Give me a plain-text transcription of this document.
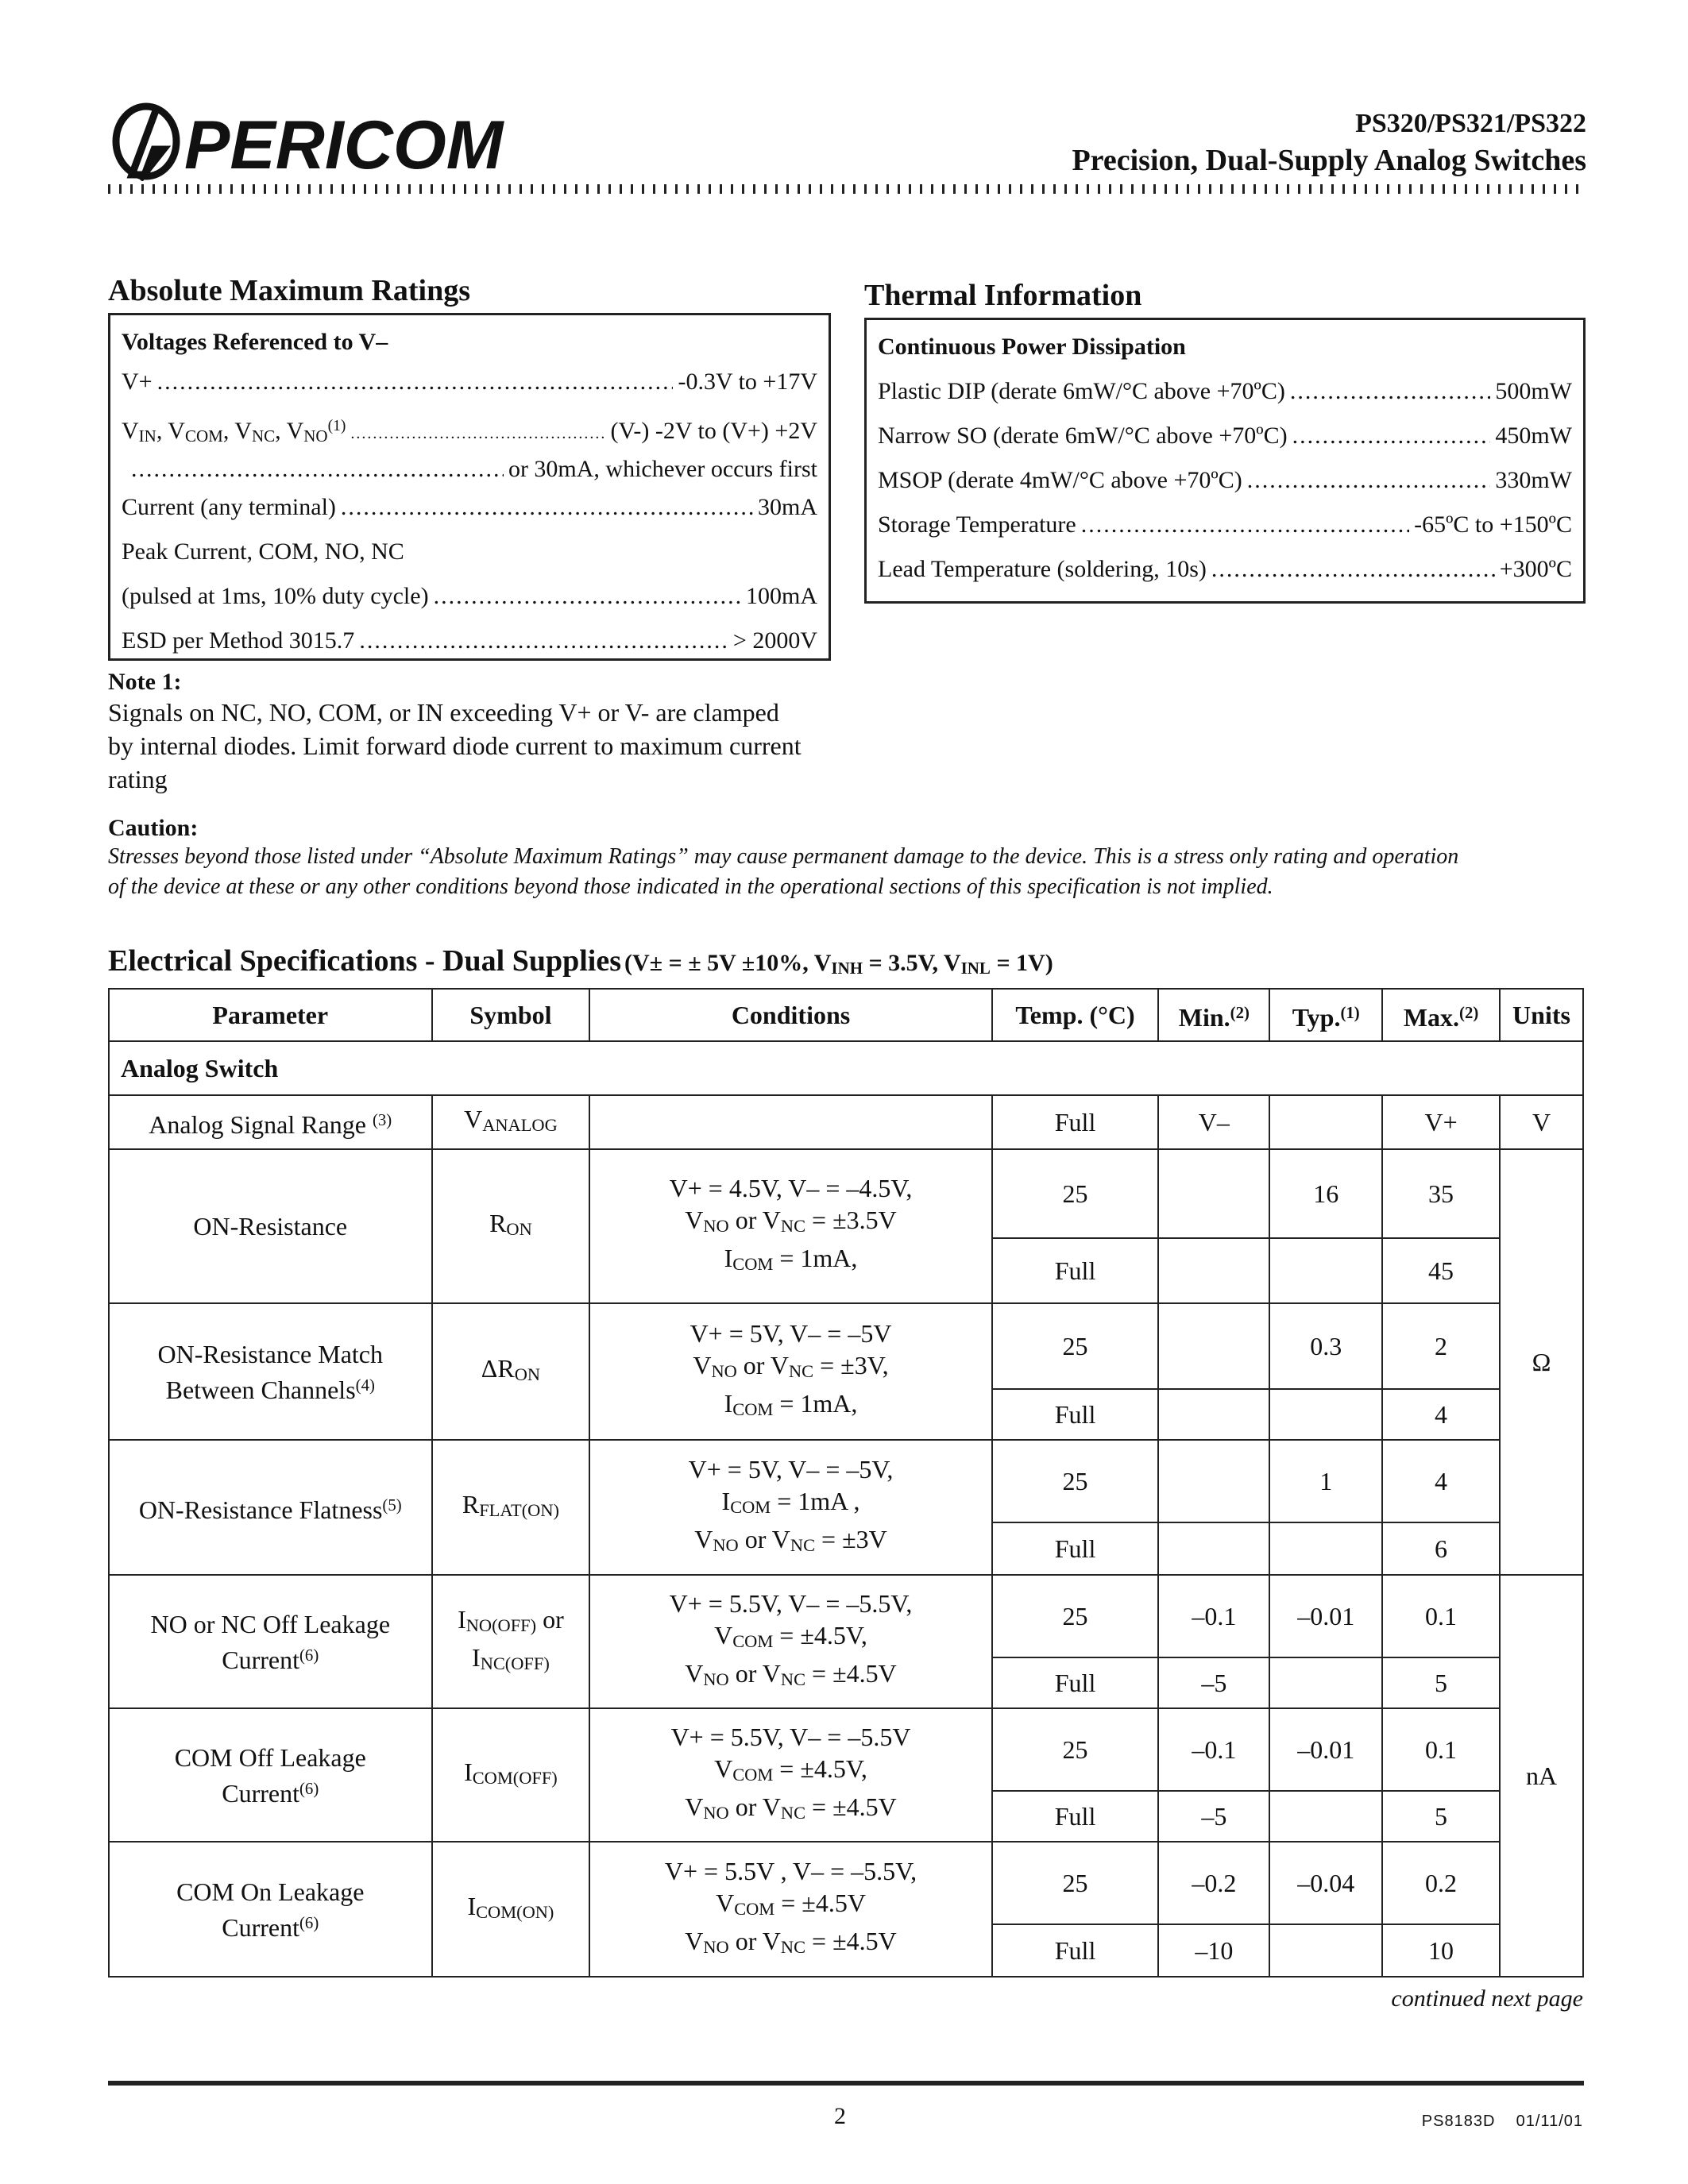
PERICOM	PS320/PS321/PS322
Precision, Dual-Supply Analog Switches
Absolute Maximum Ratings
Voltages Referenced to V–
V+ .....	-0.3V to +17V
$V_{IN}$, $V_{COM}$, $V_{NC}$, $V_{NO}^{(1)}$ .....	(V-) -2V to (V+) +2V
.....
or 30mA, whichever occurs first
Current (any terminal) .....	30mA
Peak Current, COM, NO, NC
(pulsed at 1ms, 10% duty cycle) .....	100mA
ESD per Method 3015.7 .....	> 2000V
Thermal Information
Continuous Power Dissipation
Plastic DIP (derate 6mW/°C above +70ºC) .....	500mW
Narrow SO (derate 6mW/°C above +70ºC) .....	450mW
MSOP (derate 4mW/°C above +70ºC) .....	330mW
Storage Temperature .....	-65ºC to +150ºC
Lead Temperature (soldering, 10s) .....	+300ºC
Note 1:
Signals on NC, NO, COM, or IN exceeding V+ or V- are clamped
by internal diodes. Limit forward diode current to maximum current
rating
Caution:
Stresses beyond those listed under “Absolute Maximum Ratings” may cause permanent damage to the device. This is a stress only rating and operation
of the device at these or any other conditions beyond those indicated in the operational sections of this specification is not implied.
Electrical Specifications - Dual Supplies (V± = ± 5V ±10%, $V_{INH} = 3.5V$, $V_{INL} = 1V$)
Parameter	Symbol	Conditions	Temp. (°C)	Min.$^{(2)}$	Typ.$^{(1)}$	Max.$^{(2)}$	Units
Analog Switch							
Analog Signal Range $^{(3)}$	$V_{ANALOG}$		Full	V–		V+	V
ON-Resistance	$R_{ON}$	V+ = 4.5V, V– = –4.5V,
$V_{NO}$ or $V_{NC} = \pm 3.5V$
$I_{COM} = 1mA$,	25		16	35	Ω
			Full			45	
ON-Resistance Match
Between Channels$^{(4)}$	$\Delta R_{ON}$	V+ = 5V, V– = –5V
$V_{NO}$ or $V_{NC} = \pm 3V$,
$I_{COM} = 1mA$,	25		0.3	2	
			Full			4	
ON-Resistance Flatness$^{(5)}$	$R_{FLAT(ON)}$	V+ = 5V, V– = –5V,
$I_{COM} = 1mA$ ,
$V_{NO}$ or $V_{NC} = \pm 3V$	25		1	4	
			Full			6	
NO or NC Off Leakage
Current$^{(6)}$	$I_{NO(OFF)}$ or
$I_{NC(OFF)}$	V+ = 5.5V, V– = –5.5V,
$V_{COM} = \pm 4.5V$,
$V_{NO}$ or $V_{NC} = \pm 4.5V$	25	–0.1	–0.01	0.1	nA
			Full	–5		5	
COM Off Leakage
Current$^{(6)}$	$I_{COM(OFF)}$	V+ = 5.5V, V– = –5.5V
$V_{COM} = \pm 4.5V$,
$V_{NO}$ or $V_{NC} = \pm 4.5V$	25	–0.1	–0.01	0.1	
			Full	–5		5	
COM On Leakage
Current$^{(6)}$	$I_{COM(ON)}$	V+ = 5.5V , V– = –5.5V,
$V_{COM} = \pm 4.5V$
$V_{NO}$ or $V_{NC} = \pm 4.5V$	25	–0.2	–0.04	0.2	
			Full	–10		10	
continued next page
2	PS8183D    01/11/01
